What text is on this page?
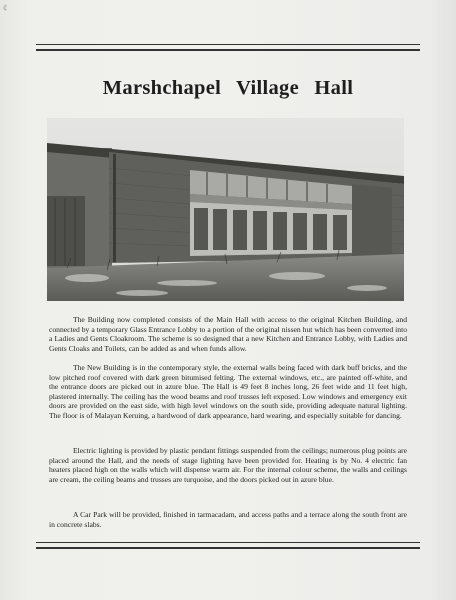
¢
Marshchapel Village Hall

The Building now completed consists of the Main Hall with access to the original Kitchen Building, and connected by a temporary Glass Entrance Lobby to a portion of the original nissen hut which has been converted into a Ladies and Gents Cloakroom. The scheme is so designed that a new Kitchen and Entrance Lobby, with Ladies and Gents Cloaks and Toilets, can be added as and when funds allow.

The New Building is in the contemporary style, the external walls being faced with dark buff bricks, and the low pitched roof covered with dark green bitumised felting. The external windows, etc., are painted off-white, and the entrance doors are picked out in azure blue. The Hall is 49 feet 8 inches long, 26 feet wide and 11 feet high, plastered internally. The ceiling has the wood beams and roof trusses left exposed. Low windows and emergency exit doors are provided on the east side, with high level windows on the south side, providing adequate natural lighting. The floor is of Malayan Keruing, a hardwood of dark appearance, hard wearing, and especially suitable for dancing.

Electric lighting is provided by plastic pendant fittings suspended from the ceilings; numerous plug points are placed around the Hall, and the needs of stage lighting have been provided for. Heating is by No. 4 electric fan heaters placed high on the walls which will dispense warm air. For the internal colour scheme, the walls and ceilings are cream, the ceiling beams and trusses are turquoise, and the doors picked out in azure blue.

A Car Park will be provided, finished in tarmacadam, and access paths and a terrace along the south front are in concrete slabs.
